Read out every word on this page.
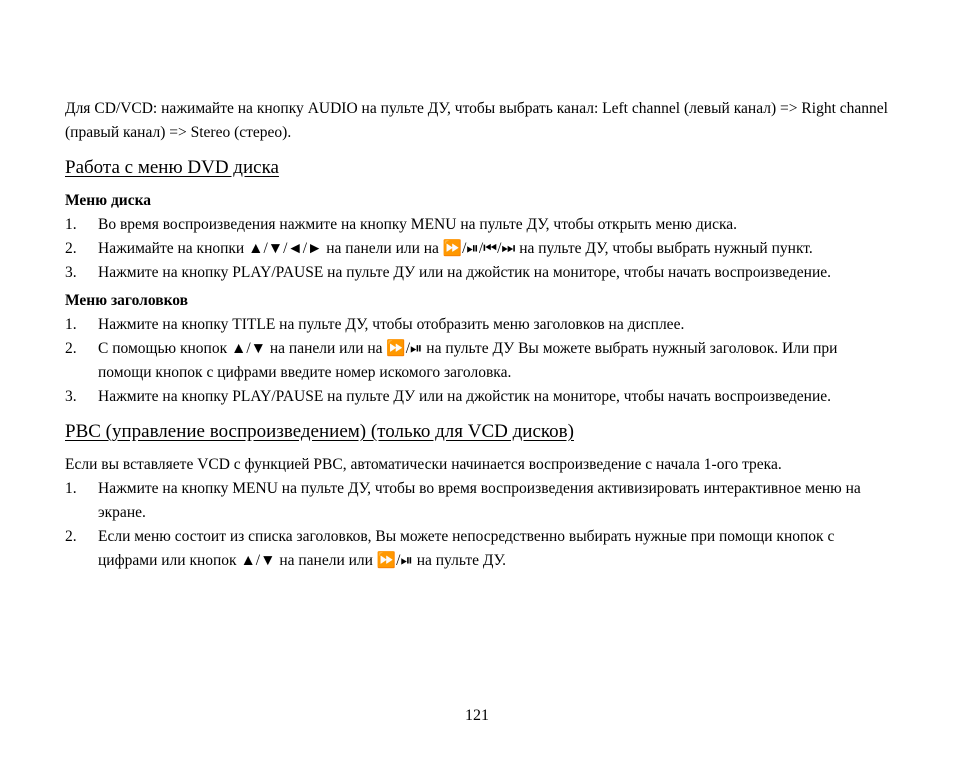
Для CD/VCD: нажимайте на кнопку AUDIO на пульте ДУ, чтобы выбрать канал: Left channel (левый канал) => Right channel (правый канал) => Stereo (стерео).

Работа с меню DVD диска
Меню диска
1.	Во время воспроизведения нажмите на кнопку MENU на пульте ДУ, чтобы открыть меню диска.
2.	Нажимайте на кнопки ▲/▼/◄/► на панели или на ⏩/⏯/⏮/⏭ на пульте ДУ, чтобы выбрать нужный пункт.
3.	Нажмите на кнопку PLAY/PAUSE на пульте ДУ или на джойстик на мониторе, чтобы начать воспроизведение.
Меню заголовков
1.	Нажмите на кнопку TITLE на пульте ДУ, чтобы отобразить меню заголовков на дисплее.
2.	С помощью кнопок ▲/▼ на панели или на ⏩/⏯ на пульте ДУ Вы можете выбрать нужный заголовок. Или при помощи кнопок с цифрами введите номер искомого заголовка.
3.	Нажмите на кнопку PLAY/PAUSE на пульте ДУ или на джойстик на мониторе, чтобы начать воспроизведение.
PBC (управление воспроизведением) (только для VCD дисков)

Если вы вставляете VCD с функцией PBC, автоматически начинается воспроизведение с начала 1-ого трека.

1.	Нажмите на кнопку MENU на пульте ДУ, чтобы во время воспроизведения активизировать интерактивное меню на экране.
2.	Если меню состоит из списка заголовков, Вы можете непосредственно выбирать нужные при помощи кнопок с цифрами или кнопок ▲/▼ на панели или ⏩/⏯ на пульте ДУ.
121
